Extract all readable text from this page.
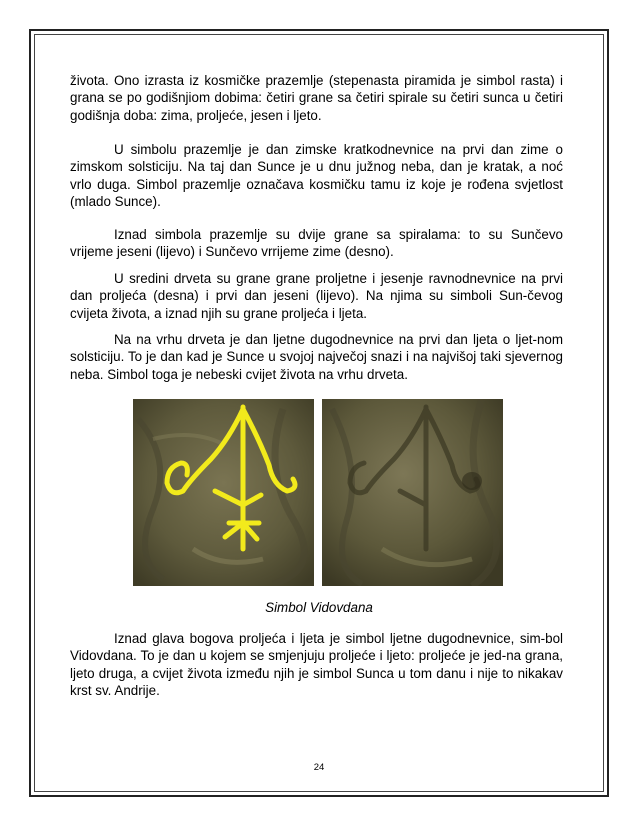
života. Ono izrasta iz kosmičke prazemlje (stepenasta piramida je simbol rasta) i grana se po godišnjiom dobima: četiri grane sa četiri spirale su četiri sunca u četiri godišnja doba: zima, proljeće, jesen i ljeto.

U simbolu prazemlje je dan zimske kratkodnevnice na prvi dan zime o zimskom solsticiju. Na taj dan Sunce je u dnu južnog neba, dan je kratak, a noć vrlo duga. Simbol prazemlje označava kosmičku tamu iz koje je rođena svjetlost (mlado Sunce).

Iznad simbola prazemlje su dvije grane sa spiralama: to su Sunčevo vrijeme jeseni (lijevo) i Sunčevo vrrijeme zime (desno).

U sredini drveta su grane grane proljetne i jesenje ravnodnevnice na prvi dan proljeća (desna) i prvi dan jeseni (lijevo). Na njima su simboli Sun-čevog cvijeta života, a iznad njih su grane proljeća i ljeta.

Na na vrhu drveta je dan ljetne dugodnevnice na prvi dan ljeta o ljet-nom solsticiju. To je dan kad je Sunce u svojoj največoj snazi i na najvišoj taki sjevernog neba. Simbol toga je nebeski cvijet života na vrhu drveta.

Simbol Vidovdana

Iznad glava bogova proljeća i ljeta je simbol ljetne dugodnevnice, sim-bol Vidovdana. To je dan u kojem se smjenjuju proljeće i ljeto: proljeće je jed-na grana, ljeto druga, a cvijet života između njih je simbol Sunca u tom danu i nije to nikakav krst sv. Andrije.

24
